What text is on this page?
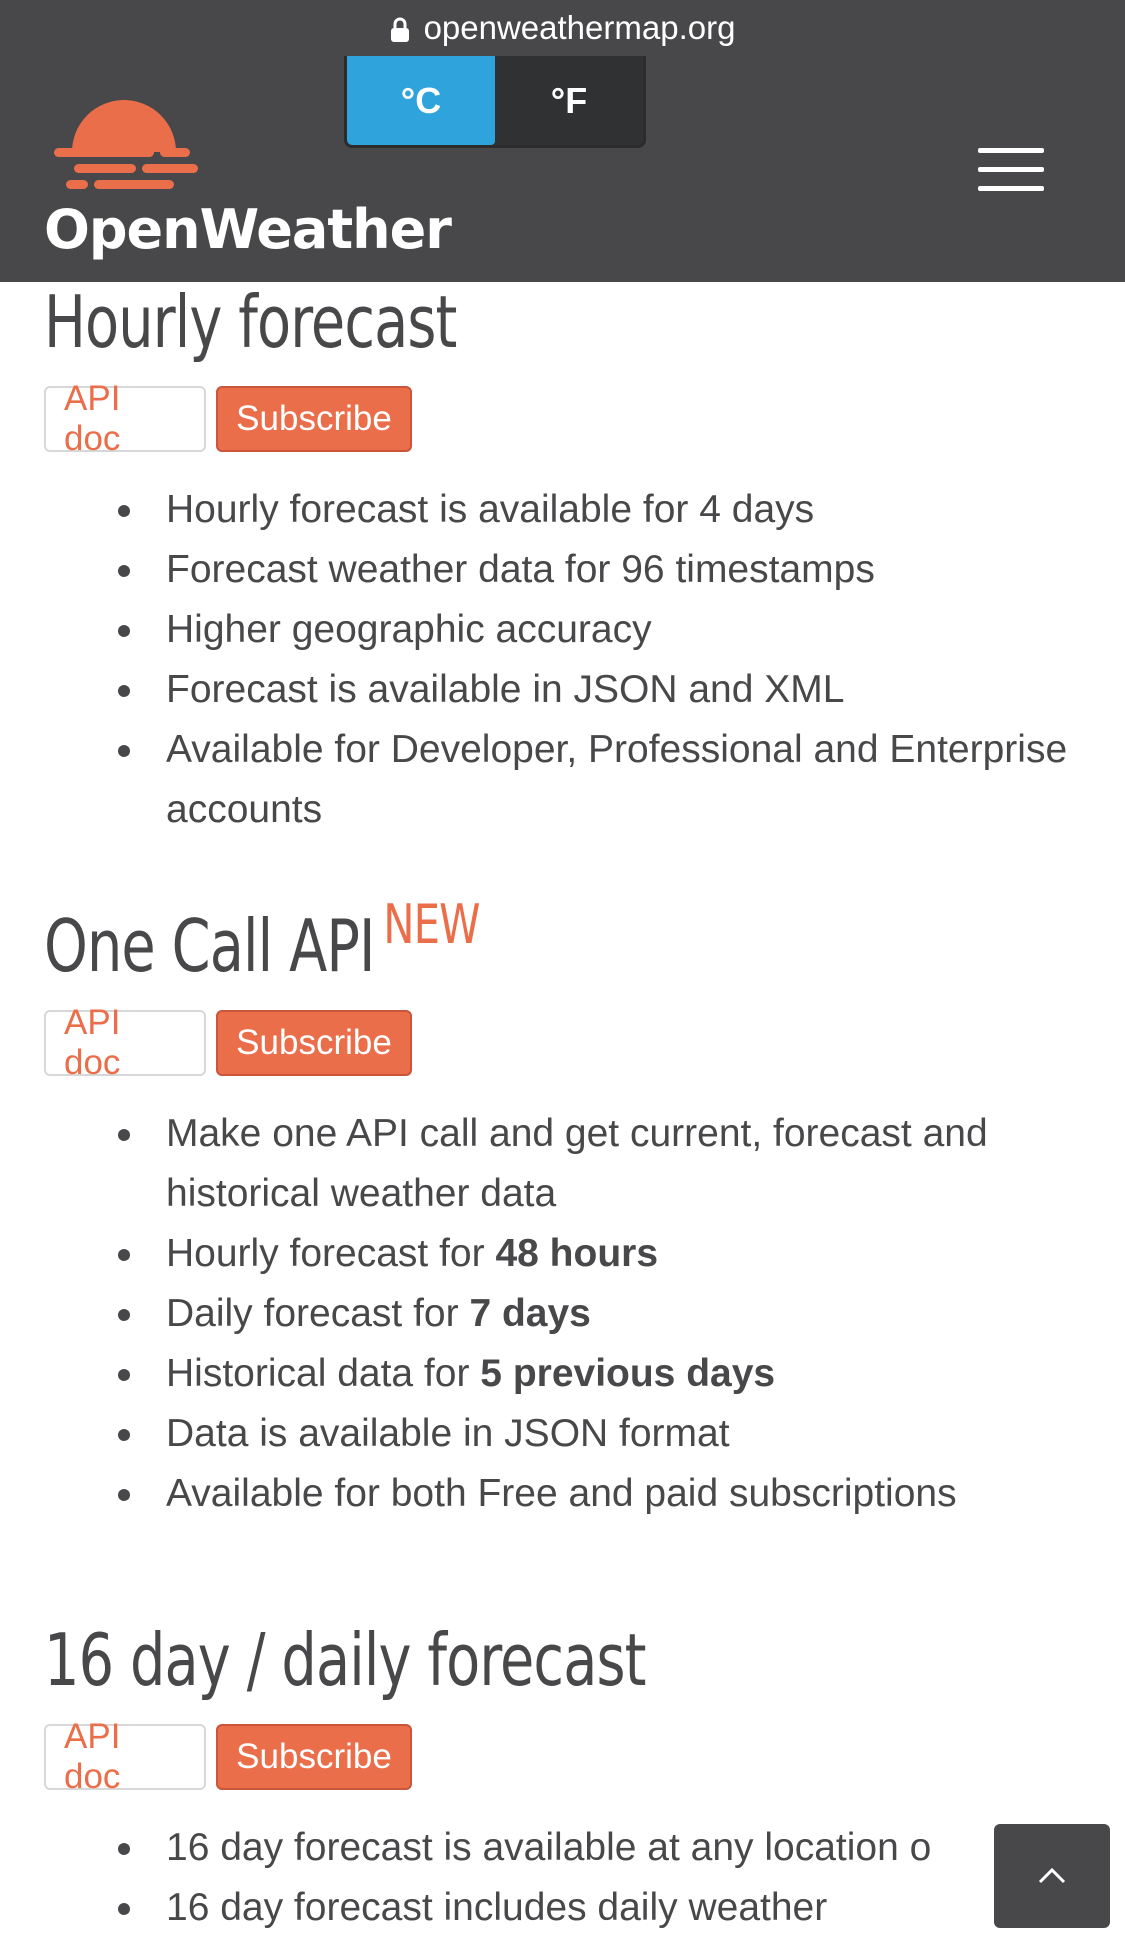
openweathermap.org
OpenWeather
°C	°F
Hourly forecast
API doc
Subscribe
Hourly forecast is available for 4 days
Forecast weather data for 96 timestamps
Higher geographic accuracy
Forecast is available in JSON and XML
Available for Developer, Professional and Enterprise accounts
One Call API $^{NEW}$
API doc
Subscribe
Make one API call and get current, forecast and historical weather data
Hourly forecast for 48 hours
Daily forecast for 7 days
Historical data for 5 previous days
Data is available in JSON format
Available for both Free and paid subscriptions
16 day / daily forecast
API doc
Subscribe
16 day forecast is available at any location o
16 day forecast includes daily weather
